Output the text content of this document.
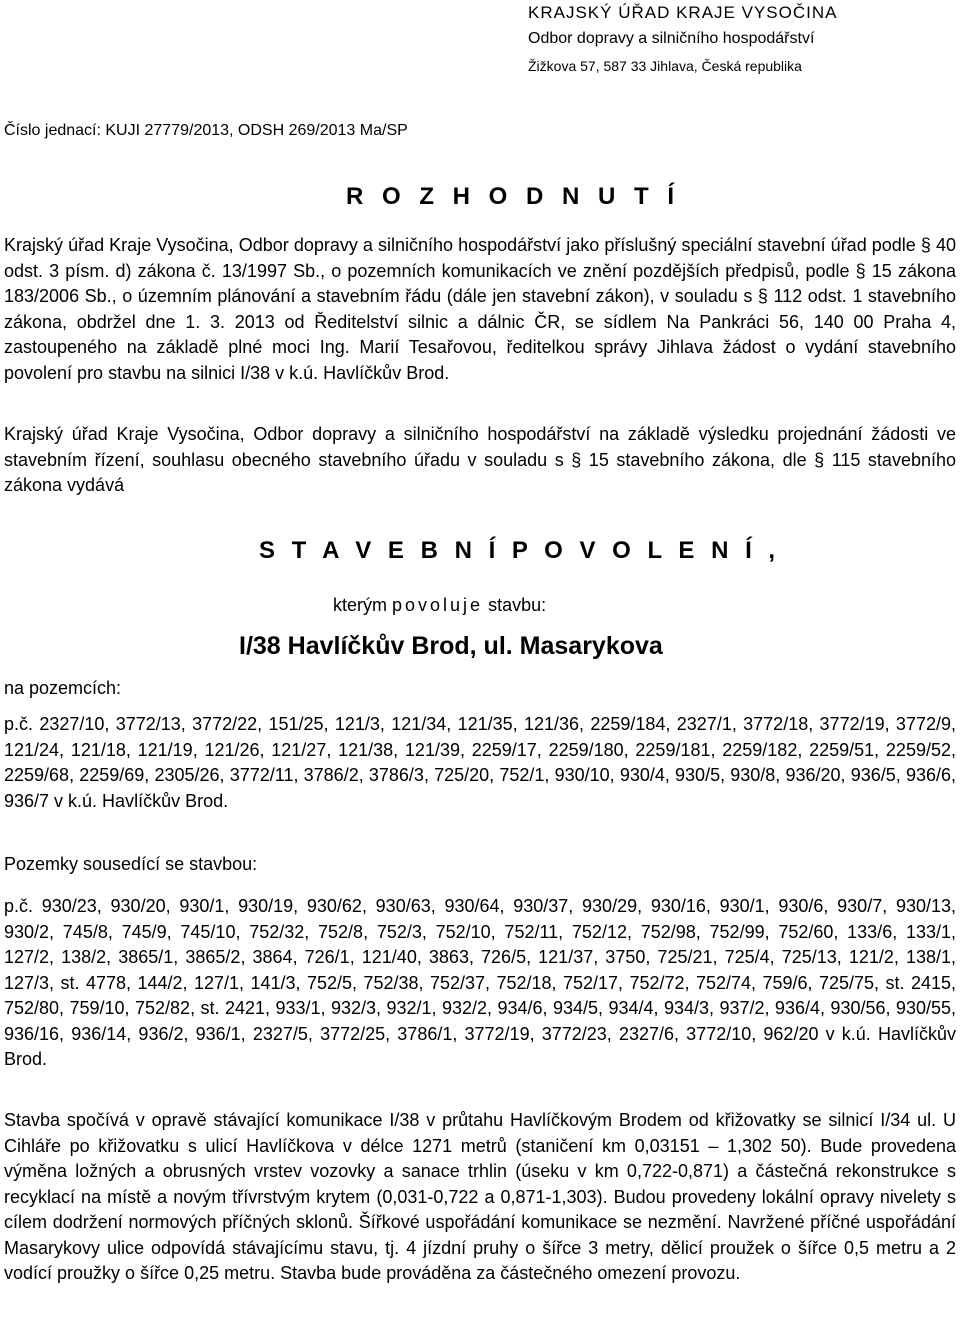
KRAJSKÝ ÚŘAD KRAJE VYSOČINA
Odbor dopravy a silničního hospodářství
Žižkova 57, 587 33 Jihlava, Česká republika
Číslo jednací: KUJI 27779/2013, ODSH 269/2013 Ma/SP
R O Z H O D N U T Í

Krajský úřad Kraje Vysočina, Odbor dopravy a silničního hospodářství jako příslušný speciální stavební úřad podle § 40 odst. 3 písm. d) zákona č. 13/1997 Sb., o pozemních komunikacích ve znění pozdějších předpisů, podle § 15 zákona 183/2006 Sb., o územním plánování a stavebním řádu (dále jen stavební zákon), v souladu s § 112 odst. 1 stavebního zákona, obdržel dne 1. 3. 2013 od Ředitelství silnic a dálnic ČR, se sídlem Na Pankráci 56, 140 00 Praha 4, zastoupeného na základě plné moci Ing. Marií Tesařovou, ředitelkou správy Jihlava žádost o vydání stavebního povolení pro stavbu na silnici I/38 v k.ú. Havlíčkův Brod.

Krajský úřad Kraje Vysočina, Odbor dopravy a silničního hospodářství na základě výsledku projednání žádosti ve stavebním řízení, souhlasu obecného stavebního úřadu v souladu s § 15 stavebního zákona, dle § 115 stavebního zákona vydává

S T A V E B N Í P O V O L E N Í ,
kterým povoluje stavbu:
I/38 Havlíčkův Brod, ul. Masarykova
na pozemcích:

p.č. 2327/10, 3772/13, 3772/22, 151/25, 121/3, 121/34, 121/35, 121/36, 2259/184, 2327/1, 3772/18, 3772/19, 3772/9, 121/24, 121/18, 121/19, 121/26, 121/27, 121/38, 121/39, 2259/17, 2259/180, 2259/181, 2259/182, 2259/51, 2259/52, 2259/68, 2259/69, 2305/26, 3772/11, 3786/2, 3786/3, 725/20, 752/1, 930/10, 930/4, 930/5, 930/8, 936/20, 936/5, 936/6, 936/7 v k.ú. Havlíčkův Brod.

Pozemky sousedící se stavbou:

p.č. 930/23, 930/20, 930/1, 930/19, 930/62, 930/63, 930/64, 930/37, 930/29, 930/16, 930/1, 930/6, 930/7, 930/13, 930/2, 745/8, 745/9, 745/10, 752/32, 752/8, 752/3, 752/10, 752/11, 752/12, 752/98, 752/99, 752/60, 133/6, 133/1, 127/2, 138/2, 3865/1, 3865/2, 3864, 726/1, 121/40, 3863, 726/5, 121/37, 3750, 725/21, 725/4, 725/13, 121/2, 138/1, 127/3, st. 4778, 144/2, 127/1, 141/3, 752/5, 752/38, 752/37, 752/18, 752/17, 752/72, 752/74, 759/6, 725/75, st. 2415, 752/80, 759/10, 752/82, st. 2421, 933/1, 932/3, 932/1, 932/2, 934/6, 934/5, 934/4, 934/3, 937/2, 936/4, 930/56, 930/55, 936/16, 936/14, 936/2, 936/1, 2327/5, 3772/25, 3786/1, 3772/19, 3772/23, 2327/6, 3772/10, 962/20 v k.ú. Havlíčkův Brod.

Stavba spočívá v opravě stávající komunikace I/38 v průtahu Havlíčkovým Brodem od křižovatky se silnicí I/34 ul. U Cihláře po křižovatku s ulicí Havlíčkova v délce 1271 metrů (staničení km 0,03151 – 1,302 50). Bude provedena výměna ložných a obrusných vrstev vozovky a sanace trhlin (úseku v km 0,722-0,871) a částečná rekonstrukce s recyklací na místě a novým třívrstvým krytem (0,031-0,722 a 0,871-1,303). Budou provedeny lokální opravy nivelety s cílem dodržení normových příčných sklonů. Šířkové uspořádání komunikace se nezmění. Navržené příčné uspořádání Masarykovy ulice odpovídá stávajícímu stavu, tj. 4 jízdní pruhy o šířce 3 metry, dělicí proužek o šířce 0,5 metru a 2 vodící proužky o šířce 0,25 metru. Stavba bude prováděna za částečného omezení provozu.
